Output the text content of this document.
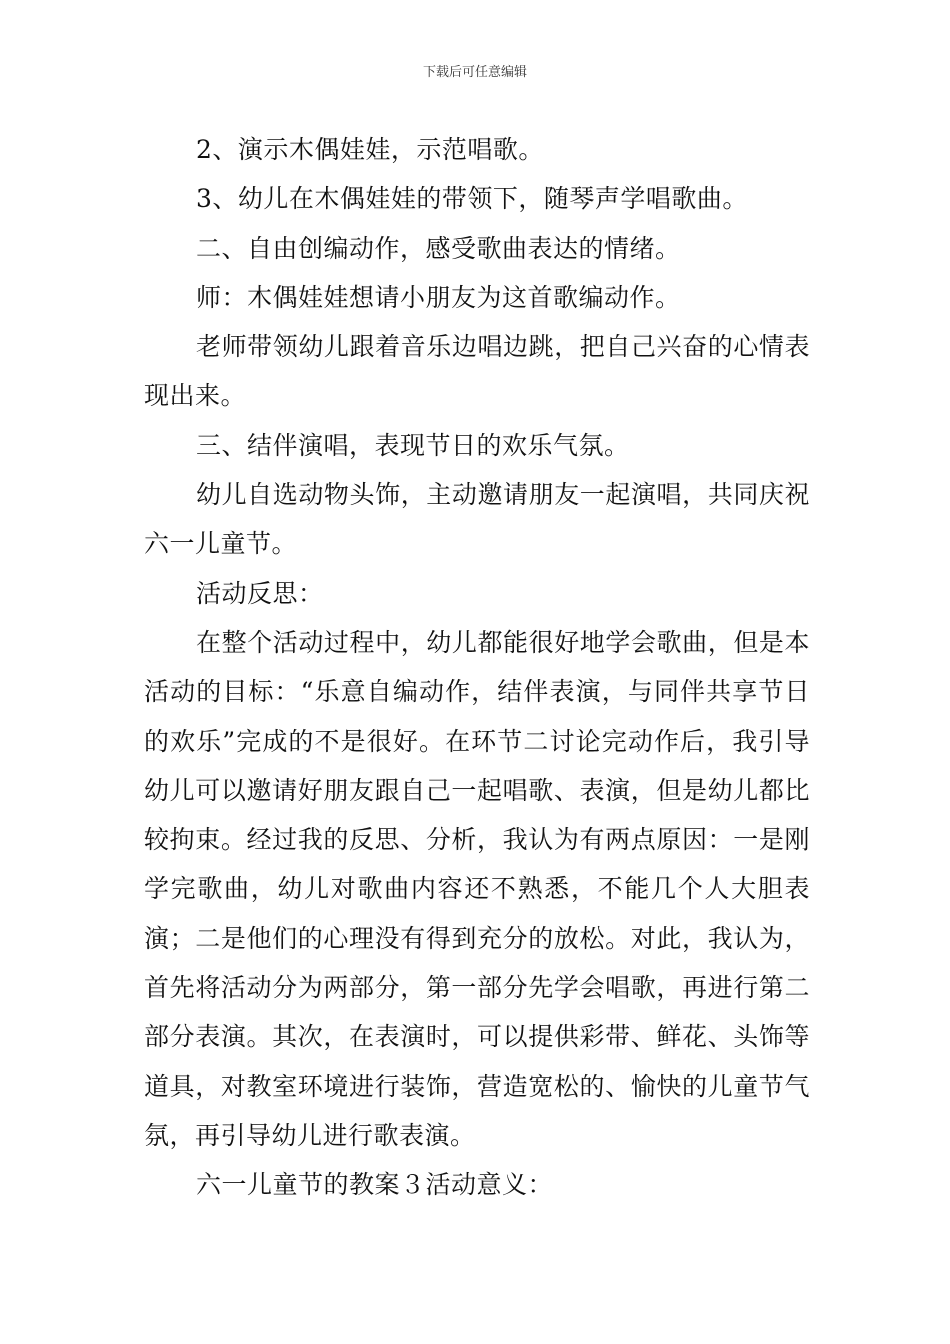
下载后可任意编辑

2、演示木偶娃娃，示范唱歌。

3、幼儿在木偶娃娃的带领下，随琴声学唱歌曲。

二、自由创编动作，感受歌曲表达的情绪。

师：木偶娃娃想请小朋友为这首歌编动作。

老师带领幼儿跟着音乐边唱边跳，把自己兴奋的心情表现出来。

三、结伴演唱，表现节日的欢乐气氛。

幼儿自选动物头饰，主动邀请朋友一起演唱，共同庆祝六一儿童节。

活动反思：

在整个活动过程中，幼儿都能很好地学会歌曲，但是本活动的目标：“乐意自编动作，结伴表演，与同伴共享节日的欢乐”完成的不是很好。在环节二讨论完动作后，我引导幼儿可以邀请好朋友跟自己一起唱歌、表演，但是幼儿都比较拘束。经过我的反思、分析，我认为有两点原因：一是刚学完歌曲，幼儿对歌曲内容还不熟悉，不能几个人大胆表演；二是他们的心理没有得到充分的放松。对此，我认为，首先将活动分为两部分，第一部分先学会唱歌，再进行第二部分表演。其次，在表演时，可以提供彩带、鲜花、头饰等道具，对教室环境进行装饰，营造宽松的、愉快的儿童节气氛，再引导幼儿进行歌表演。

六一儿童节的教案３活动意义：
